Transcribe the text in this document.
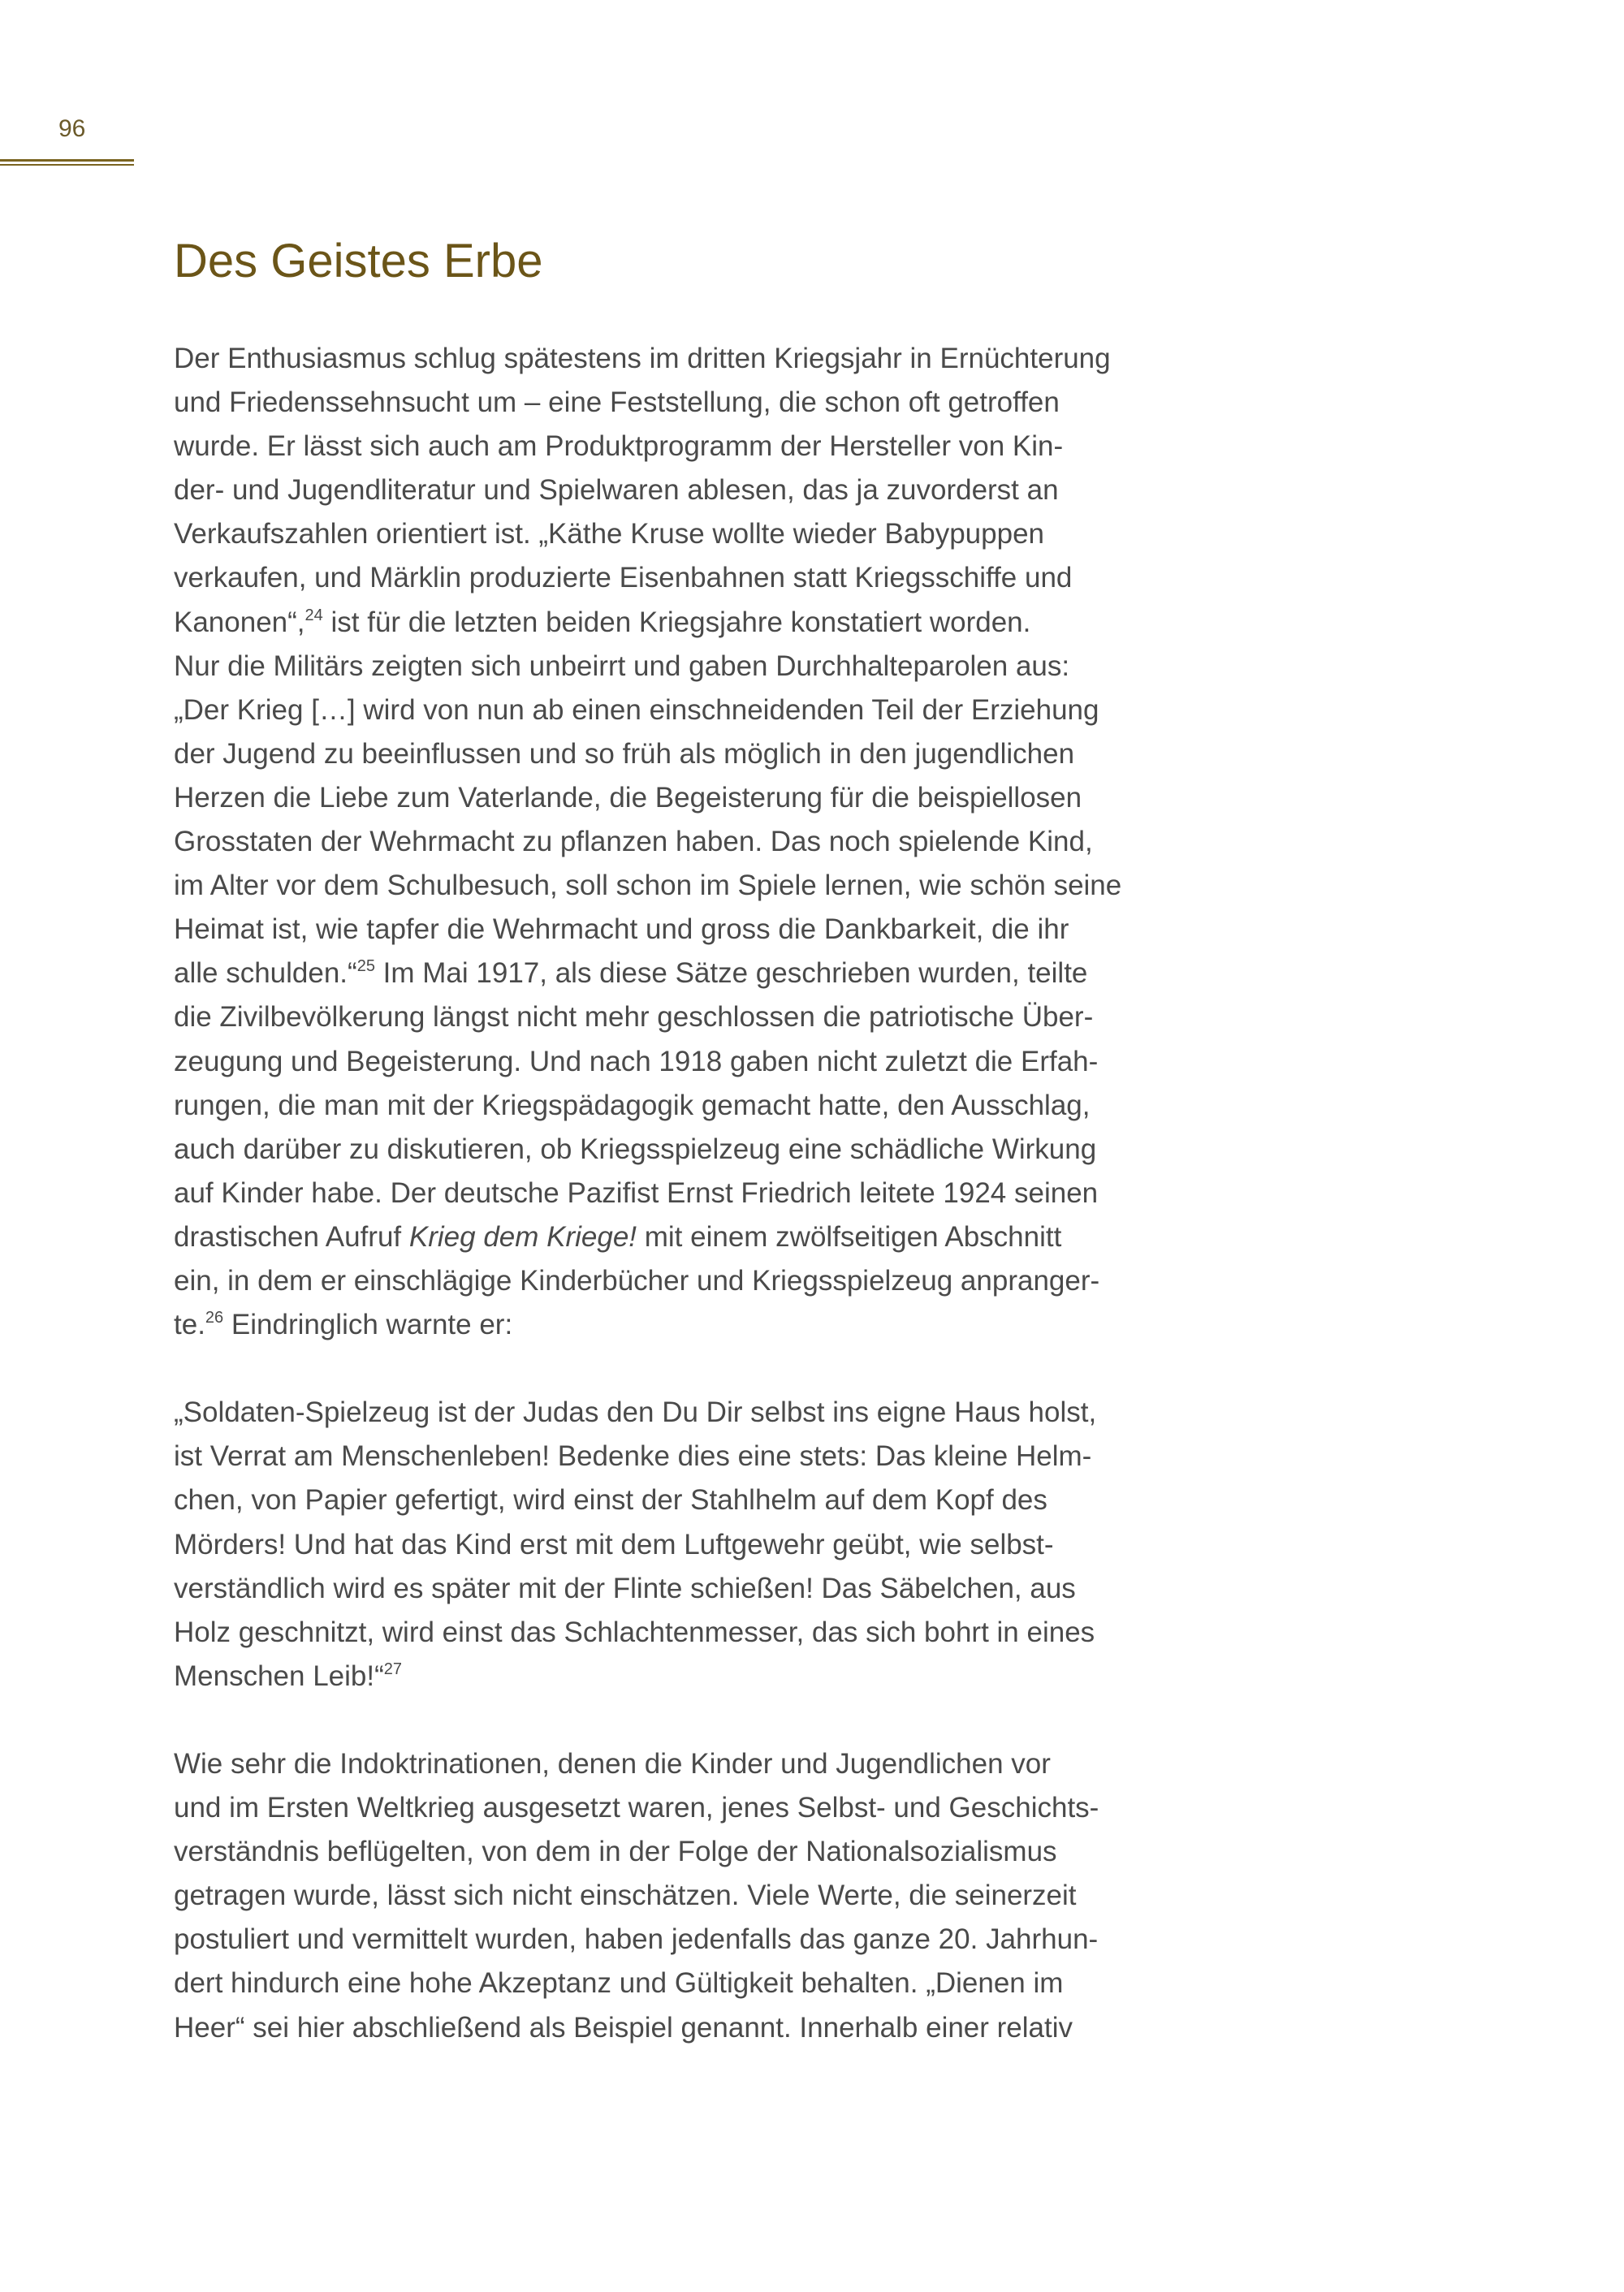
96
Des Geistes Erbe
Der Enthusiasmus schlug spätestens im dritten Kriegsjahr in Ernüchterung
und Friedenssehnsucht um – eine Feststellung, die schon oft getroffen
wurde. Er lässt sich auch am Produktprogramm der Hersteller von Kin-
der- und Jugendliteratur und Spielwaren ablesen, das ja zuvorderst an
Verkaufszahlen orientiert ist. „Käthe Kruse wollte wieder Babypuppen
verkaufen, und Märklin produzierte Eisenbahnen statt Kriegsschiffe und
Kanonen“,$^{24}$ ist für die letzten beiden Kriegsjahre konstatiert worden.
Nur die Militärs zeigten sich unbeirrt und gaben Durchhalteparolen aus:
„Der Krieg […] wird von nun ab einen einschneidenden Teil der Erziehung
der Jugend zu beeinflussen und so früh als möglich in den jugendlichen
Herzen die Liebe zum Vaterlande, die Begeisterung für die beispiellosen
Grosstaten der Wehrmacht zu pflanzen haben. Das noch spielende Kind,
im Alter vor dem Schulbesuch, soll schon im Spiele lernen, wie schön seine
Heimat ist, wie tapfer die Wehrmacht und gross die Dankbarkeit, die ihr
alle schulden.“$^{25}$ Im Mai 1917, als diese Sätze geschrieben wurden, teilte
die Zivilbevölkerung längst nicht mehr geschlossen die patriotische Über-
zeugung und Begeisterung. Und nach 1918 gaben nicht zuletzt die Erfah-
rungen, die man mit der Kriegspädagogik gemacht hatte, den Ausschlag,
auch darüber zu diskutieren, ob Kriegsspielzeug eine schädliche Wirkung
auf Kinder habe. Der deutsche Pazifist Ernst Friedrich leitete 1924 seinen
drastischen Aufruf Krieg dem Kriege! mit einem zwölfseitigen Abschnitt
ein, in dem er einschlägige Kinderbücher und Kriegsspielzeug anpranger-
te.$^{26}$ Eindringlich warnte er:
„Soldaten-Spielzeug ist der Judas den Du Dir selbst ins eigne Haus holst,
ist Verrat am Menschenleben! Bedenke dies eine stets: Das kleine Helm-
chen, von Papier gefertigt, wird einst der Stahlhelm auf dem Kopf des
Mörders! Und hat das Kind erst mit dem Luftgewehr geübt, wie selbst-
verständlich wird es später mit der Flinte schießen! Das Säbelchen, aus
Holz geschnitzt, wird einst das Schlachtenmesser, das sich bohrt in eines
Menschen Leib!“$^{27}$
Wie sehr die Indoktrinationen, denen die Kinder und Jugendlichen vor
und im Ersten Weltkrieg ausgesetzt waren, jenes Selbst- und Geschichts-
verständnis beflügelten, von dem in der Folge der Nationalsozialismus
getragen wurde, lässt sich nicht einschätzen. Viele Werte, die seinerzeit
postuliert und vermittelt wurden, haben jedenfalls das ganze 20. Jahrhun-
dert hindurch eine hohe Akzeptanz und Gültigkeit behalten. „Dienen im
Heer“ sei hier abschließend als Beispiel genannt. Innerhalb einer relativ
